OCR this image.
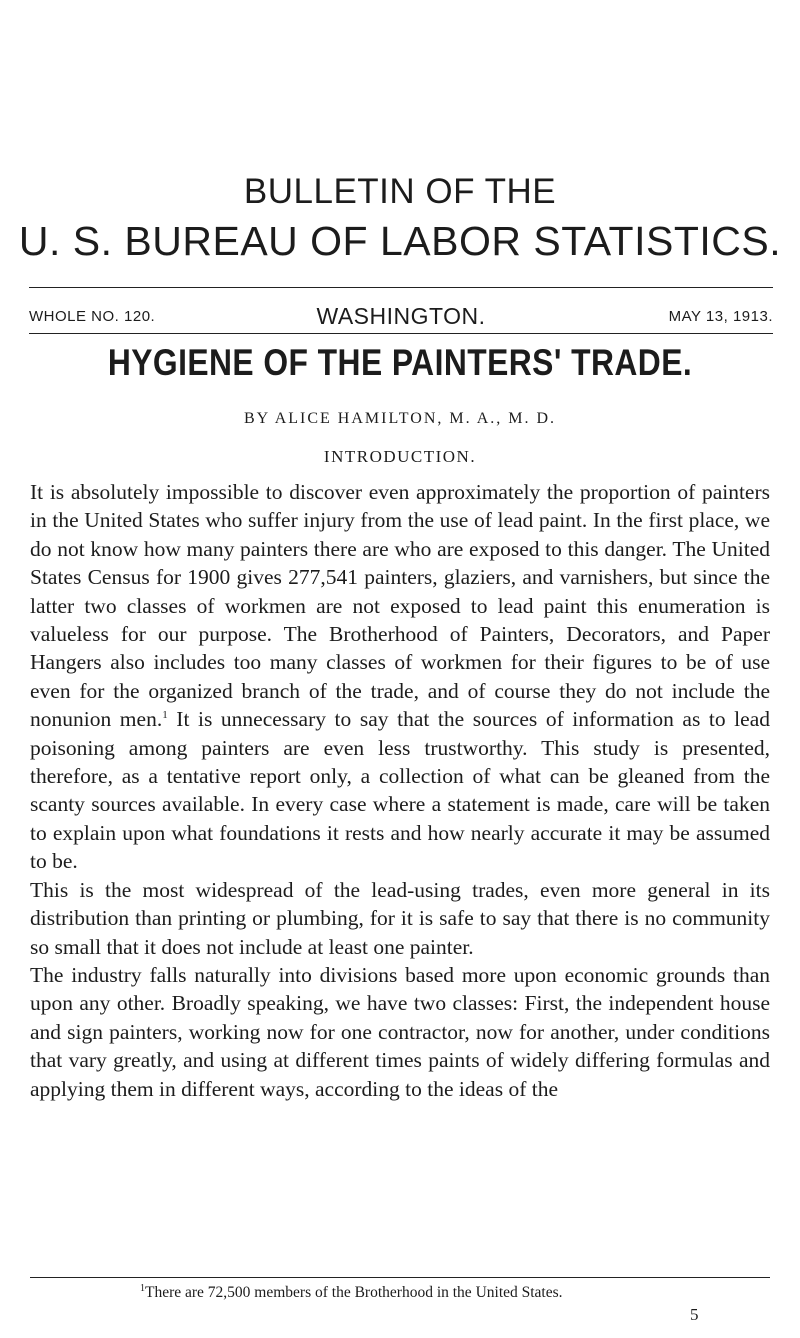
BULLETIN OF THE
U. S. BUREAU OF LABOR STATISTICS.
WHOLE NO. 120.	WASHINGTON.	MAY 13, 1913.
HYGIENE OF THE PAINTERS' TRADE.
BY ALICE HAMILTON, M. A., M. D.
INTRODUCTION.

It is absolutely impossible to discover even approximately the proportion of painters in the United States who suffer injury from the use of lead paint. In the first place, we do not know how many painters there are who are exposed to this danger. The United States Census for 1900 gives 277,541 painters, glaziers, and varnishers, but since the latter two classes of workmen are not exposed to lead paint this enumeration is valueless for our purpose. The Brotherhood of Painters, Decorators, and Paper Hangers also includes too many classes of workmen for their figures to be of use even for the organized branch of the trade, and of course they do not include the nonunion men.$^1$ It is unnecessary to say that the sources of information as to lead poisoning among painters are even less trustworthy. This study is presented, therefore, as a tentative report only, a collection of what can be gleaned from the scanty sources available. In every case where a statement is made, care will be taken to explain upon what foundations it rests and how nearly accurate it may be assumed to be.

This is the most widespread of the lead-using trades, even more general in its distribution than printing or plumbing, for it is safe to say that there is no community so small that it does not include at least one painter.

The industry falls naturally into divisions based more upon economic grounds than upon any other. Broadly speaking, we have two classes: First, the independent house and sign painters, working now for one contractor, now for another, under conditions that vary greatly, and using at different times paints of widely differing formulas and applying them in different ways, according to the ideas of the

$^1$There are 72,500 members of the Brotherhood in the United States.
5
